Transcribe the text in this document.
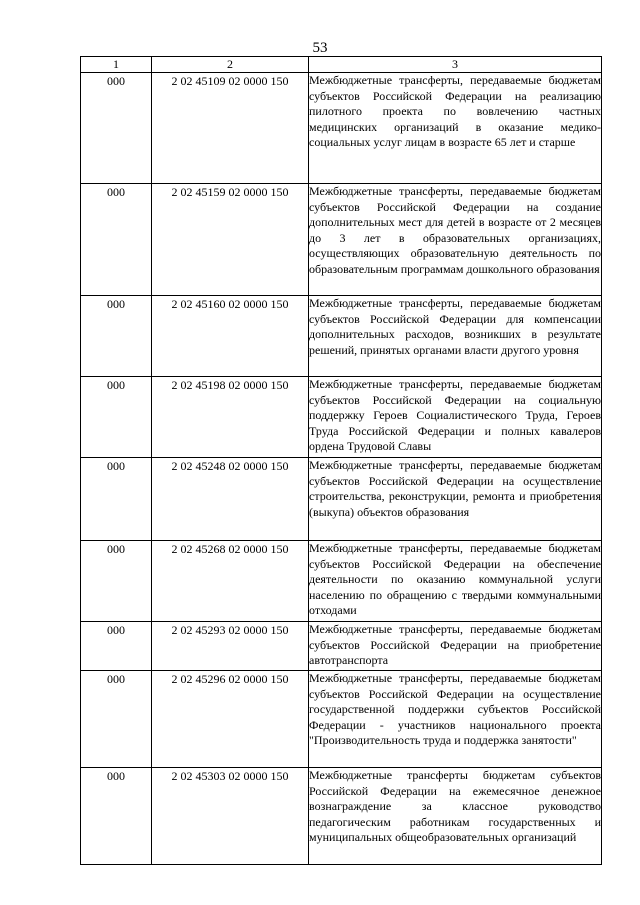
53
1	2	3
000	2 02 45109 02 0000 150	Межбюджетные трансферты, передаваемые бюджетам субъектов Российской Федерации на реализацию пилотного проекта по вовлечению частных медицинских организаций в оказание медико-социальных услуг лицам в возрасте 65 лет и старше
000	2 02 45159 02 0000 150	Межбюджетные трансферты, передаваемые бюджетам субъектов Российской Федерации на создание дополнительных мест для детей в возрасте от 2 месяцев до 3 лет в образовательных организациях, осуществляющих образовательную деятельность по образовательным программам дошкольного образования
000	2 02 45160 02 0000 150	Межбюджетные трансферты, передаваемые бюджетам субъектов Российской Федерации для компенсации дополнительных расходов, возникших в результате решений, принятых органами власти другого уровня
000	2 02 45198 02 0000 150	Межбюджетные трансферты, передаваемые бюджетам субъектов Российской Федерации на социальную поддержку Героев Социалистического Труда, Героев Труда Российской Федерации и полных кавалеров ордена Трудовой Славы
000	2 02 45248 02 0000 150	Межбюджетные трансферты, передаваемые бюджетам субъектов Российской Федерации на осуществление строительства, реконструкции, ремонта и приобретения (выкупа) объектов образования
000	2 02 45268 02 0000 150	Межбюджетные трансферты, передаваемые бюджетам субъектов Российской Федерации на обеспечение деятельности по оказанию коммунальной услуги населению по обращению с твердыми коммунальными отходами
000	2 02 45293 02 0000 150	Межбюджетные трансферты, передаваемые бюджетам субъектов Российской Федерации на приобретение автотранспорта
000	2 02 45296 02 0000 150	Межбюджетные трансферты, передаваемые бюджетам субъектов Российской Федерации на осуществление государственной поддержки субъектов Российской Федерации - участников национального проекта "Производительность труда и поддержка занятости"
000	2 02 45303 02 0000 150	Межбюджетные трансферты бюджетам субъектов Российской Федерации на ежемесячное денежное вознаграждение за классное руководство педагогическим работникам государственных и муниципальных общеобразовательных организаций
